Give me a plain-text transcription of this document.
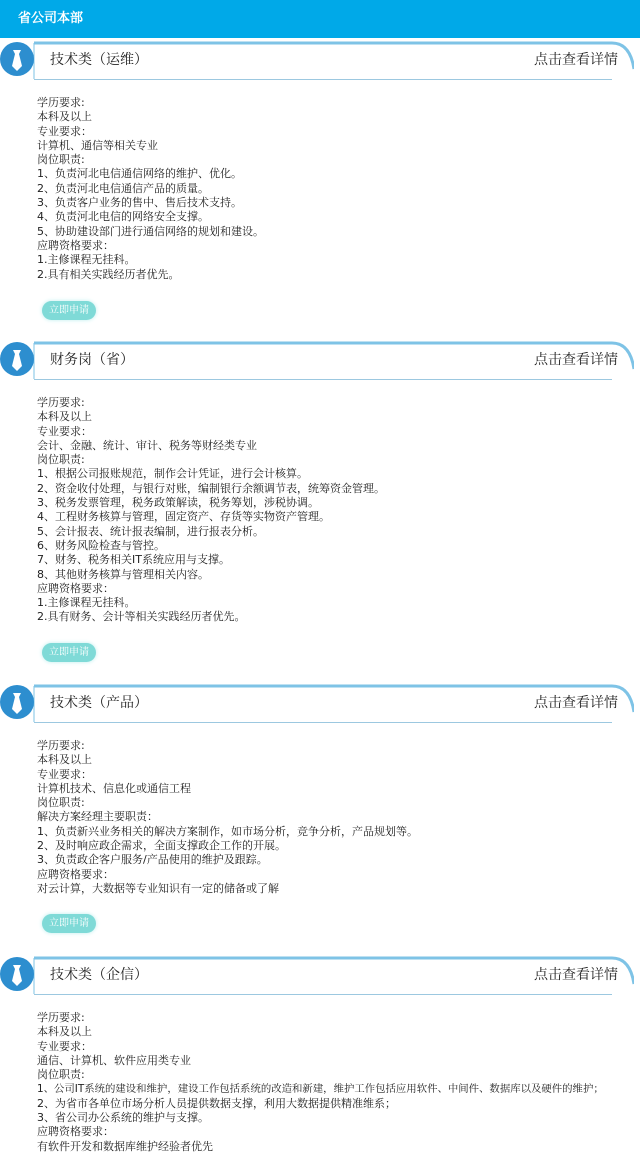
省公司本部
技术类（运维）	点击查看详情
学历要求:
本科及以上
专业要求：
计算机、通信等相关专业
岗位职责:
1、负责河北电信通信网络的维护、优化。
2、负责河北电信通信产品的质量。
3、负责客户业务的售中、售后技术支持。
4、负责河北电信的网络安全支撑。
5、协助建设部门进行通信网络的规划和建设。
应聘资格要求：
1.主修课程无挂科。
2.具有相关实践经历者优先。
立即申请
财务岗（省）	点击查看详情
学历要求:
本科及以上
专业要求：
会计、金融、统计、审计、税务等财经类专业
岗位职责:
1、根据公司报账规范，制作会计凭证，进行会计核算。
2、资金收付处理，与银行对账，编制银行余额调节表，统筹资金管理。
3、税务发票管理，税务政策解读，税务筹划，涉税协调。
4、工程财务核算与管理，固定资产、存货等实物资产管理。
5、会计报表、统计报表编制，进行报表分析。
6、财务风险检查与管控。
7、财务、税务相关IT系统应用与支撑。
8、其他财务核算与管理相关内容。
应聘资格要求：
1.主修课程无挂科。
2.具有财务、会计等相关实践经历者优先。
立即申请
技术类（产品）	点击查看详情
学历要求:
本科及以上
专业要求：
计算机技术、信息化或通信工程
岗位职责:
解决方案经理主要职责：
1、负责新兴业务相关的解决方案制作，如市场分析，竞争分析，产品规划等。
2、及时响应政企需求，全面支撑政企工作的开展。
3、负责政企客户服务/产品使用的维护及跟踪。
应聘资格要求：
对云计算，大数据等专业知识有一定的储备或了解
立即申请
技术类（企信）	点击查看详情
学历要求:
本科及以上
专业要求：
通信、计算机、软件应用类专业
岗位职责:
1、公司IT系统的建设和维护，建设工作包括系统的改造和新建，维护工作包括应用软件、中间件、数据库以及硬件的维护；
2、为省市各单位市场分析人员提供数据支撑，利用大数据提供精准维系；
3、省公司办公系统的维护与支撑。
应聘资格要求：
有软件开发和数据库维护经验者优先
